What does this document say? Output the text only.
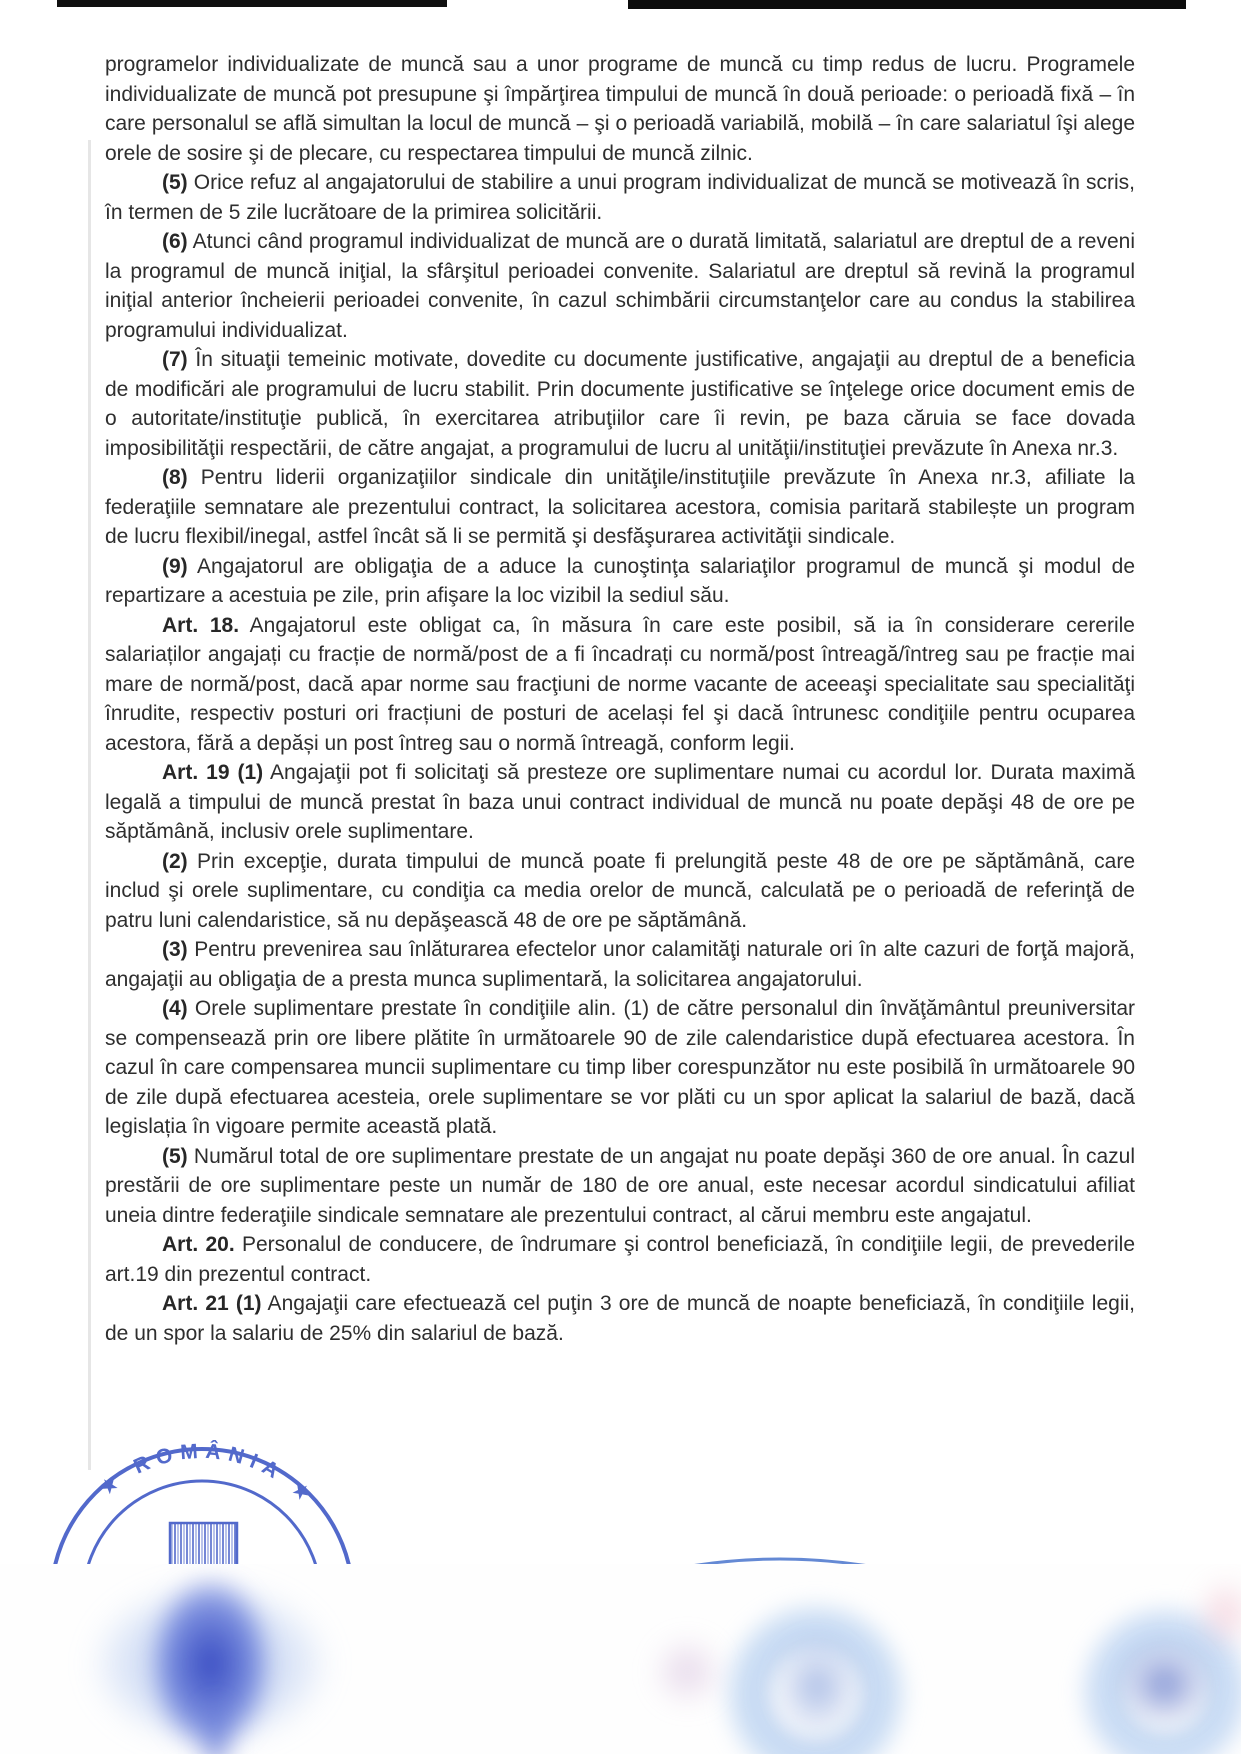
programelor individualizate de muncă sau a unor programe de muncă cu timp redus de lucru. Programele individualizate de muncă pot presupune şi împărţirea timpului de muncă în două perioade: o perioadă fixă – în care personalul se află simultan la locul de muncă – şi o perioadă variabilă, mobilă – în care salariatul îşi alege orele de sosire şi de plecare, cu respectarea timpului de muncă zilnic.

(5) Orice refuz al angajatorului de stabilire a unui program individualizat de muncă se motivează în scris, în termen de 5 zile lucrătoare de la primirea solicitării.

(6) Atunci când programul individualizat de muncă are o durată limitată, salariatul are dreptul de a reveni la programul de muncă iniţial, la sfârşitul perioadei convenite. Salariatul are dreptul să revină la programul iniţial anterior încheierii perioadei convenite, în cazul schimbării circumstanţelor care au condus la stabilirea programului individualizat.

(7) În situaţii temeinic motivate, dovedite cu documente justificative, angajaţii au dreptul de a beneficia de modificări ale programului de lucru stabilit. Prin documente justificative se înţelege orice document emis de o autoritate/instituţie publică, în exercitarea atribuţiilor care îi revin, pe baza căruia se face dovada imposibilităţii respectării, de către angajat, a programului de lucru al unităţii/instituţiei prevăzute în Anexa nr.3.

(8) Pentru liderii organizaţiilor sindicale din unităţile/instituţiile prevăzute în Anexa nr.3, afiliate la federaţiile semnatare ale prezentului contract, la solicitarea acestora, comisia paritară stabilește un program de lucru flexibil/inegal, astfel încât să li se permită şi desfăşurarea activităţii sindicale.

(9) Angajatorul are obligaţia de a aduce la cunoştinţa salariaţilor programul de muncă şi modul de repartizare a acestuia pe zile, prin afişare la loc vizibil la sediul său.

Art. 18. Angajatorul este obligat ca, în măsura în care este posibil, să ia în considerare cererile salariaților angajați cu fracție de normă/post de a fi încadrați cu normă/post întreagă/întreg sau pe fracție mai mare de normă/post, dacă apar norme sau fracţiuni de norme vacante de aceeaşi specialitate sau specialităţi înrudite, respectiv posturi ori fracțiuni de posturi de același fel şi dacă întrunesc condiţiile pentru ocuparea acestora, fără a depăși un post întreg sau o normă întreagă, conform legii.

Art. 19 (1) Angajaţii pot fi solicitaţi să presteze ore suplimentare numai cu acordul lor. Durata maximă legală a timpului de muncă prestat în baza unui contract individual de muncă nu poate depăşi 48 de ore pe săptămână, inclusiv orele suplimentare.

(2) Prin excepţie, durata timpului de muncă poate fi prelungită peste 48 de ore pe săptămână, care includ şi orele suplimentare, cu condiţia ca media orelor de muncă, calculată pe o perioadă de referinţă de patru luni calendaristice, să nu depăşească 48 de ore pe săptămână.

(3) Pentru prevenirea sau înlăturarea efectelor unor calamităţi naturale ori în alte cazuri de forţă majoră, angajaţii au obligaţia de a presta munca suplimentară, la solicitarea angajatorului.

(4) Orele suplimentare prestate în condiţiile alin. (1) de către personalul din învăţământul preuniversitar se compensează prin ore libere plătite în următoarele 90 de zile calendaristice după efectuarea acestora. În cazul în care compensarea muncii suplimentare cu timp liber corespunzător nu este posibilă în următoarele 90 de zile după efectuarea acesteia, orele suplimentare se vor plăti cu un spor aplicat la salariul de bază, dacă legislația în vigoare permite această plată.

(5) Numărul total de ore suplimentare prestate de un angajat nu poate depăşi 360 de ore anual. În cazul prestării de ore suplimentare peste un număr de 180 de ore anual, este necesar acordul sindicatului afiliat uneia dintre federaţiile sindicale semnatare ale prezentului contract, al cărui membru este angajatul.

Art. 20. Personalul de conducere, de îndrumare şi control beneficiază, în condiţiile legii, de prevederile art.19 din prezentul contract.

Art. 21 (1) Angajaţii care efectuează cel puţin 3 ore de muncă de noapte beneficiază, în condiţiile legii, de un spor la salariu de 25% din salariul de bază.

★ ROMÂNIA ★
